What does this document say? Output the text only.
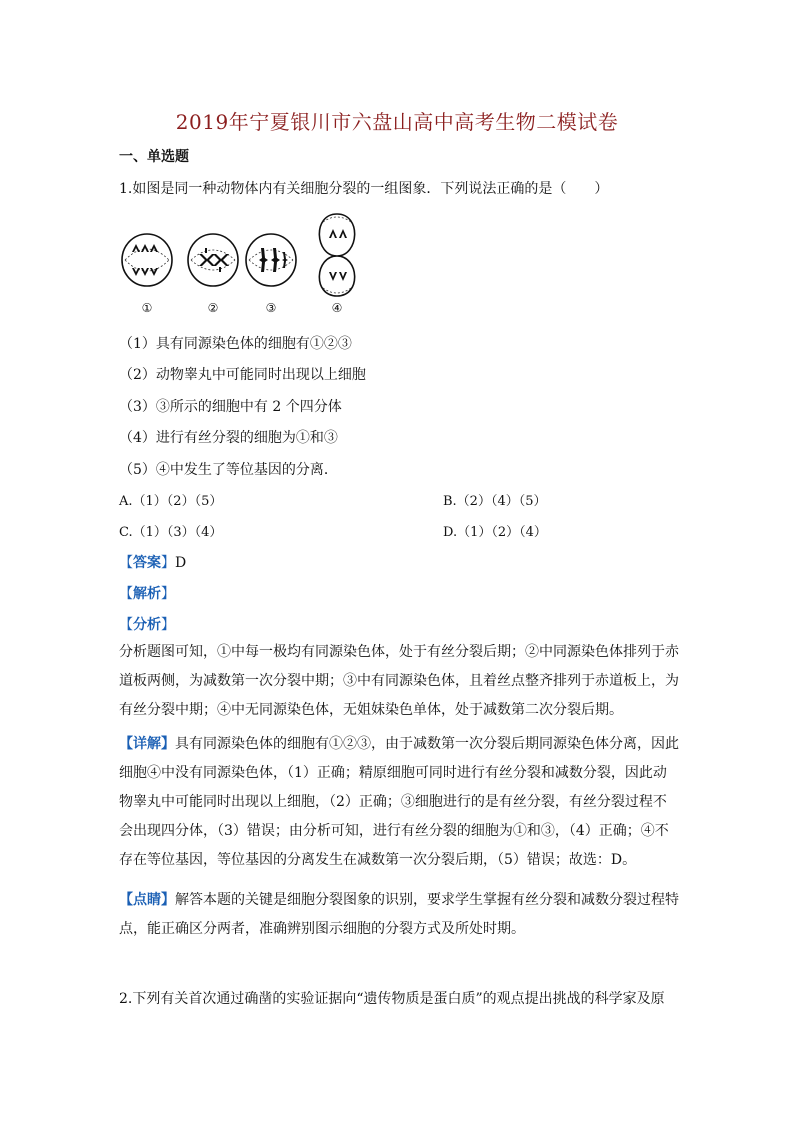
2019年宁夏银川市六盘山高中高考生物二模试卷
一、单选题
1.如图是同一种动物体内有关细胞分裂的一组图象．下列说法正确的是（　　）
①	②	③	④
（1）具有同源染色体的细胞有①②③
（2）动物睾丸中可能同时出现以上细胞
（3）③所示的细胞中有 2 个四分体
（4）进行有丝分裂的细胞为①和③
（5）④中发生了等位基因的分离．
A.（1）（2）（5）	B.（2）（4）（5）
C.（1）（3）（4）	D.（1）（2）（4）
【答案】D
【解析】
【分析】
分析题图可知，①中每一极均有同源染色体，处于有丝分裂后期；②中同源染色体排列于赤道板两侧，为减数第一次分裂中期；③中有同源染色体，且着丝点整齐排列于赤道板上，为有丝分裂中期；④中无同源染色体，无姐妹染色单体，处于减数第二次分裂后期。
【详解】具有同源染色体的细胞有①②③，由于减数第一次分裂后期同源染色体分离，因此细胞④中没有同源染色体，（1）正确；精原细胞可同时进行有丝分裂和减数分裂，因此动物睾丸中可能同时出现以上细胞，（2）正确；③细胞进行的是有丝分裂，有丝分裂过程不会出现四分体，（3）错误；由分析可知，进行有丝分裂的细胞为①和③，（4）正确；④不存在等位基因，等位基因的分离发生在减数第一次分裂后期，（5）错误；故选：D。
【点睛】解答本题的关键是细胞分裂图象的识别，要求学生掌握有丝分裂和减数分裂过程特点，能正确区分两者，准确辨别图示细胞的分裂方式及所处时期。
2.下列有关首次通过确凿的实验证据向“遗传物质是蛋白质”的观点提出挑战的科学家及原
